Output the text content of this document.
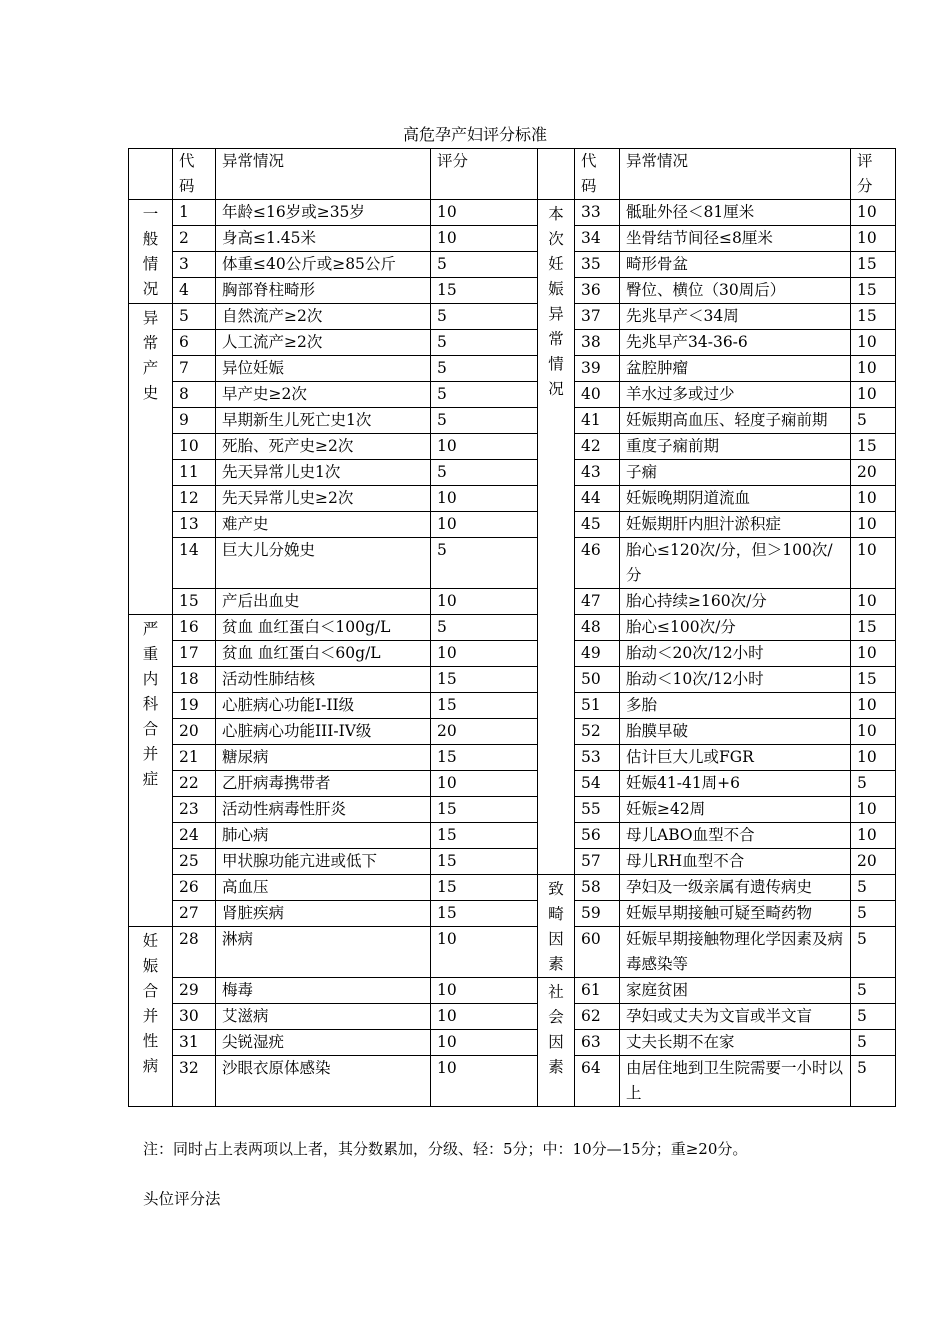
高危孕产妇评分标准
	代码	异常情况	评分		代码	异常情况	评分
一般情况	1	年龄≤16岁或≥35岁	10	本次妊娠异常情况	33	骶耻外径＜81厘米	10
	2	身高≤1.45米	10		34	坐骨结节间径≤8厘米	10
	3	体重≤40公斤或≥85公斤	5		35	畸形骨盆	15
	4	胸部脊柱畸形	15		36	臀位、横位（30周后）	15
异常产史	5	自然流产≥2次	5		37	先兆早产＜34周	15
	6	人工流产≥2次	5		38	先兆早产34-36-6	10
	7	异位妊娠	5		39	盆腔肿瘤	10
	8	早产史≥2次	5		40	羊水过多或过少	10
	9	早期新生儿死亡史1次	5		41	妊娠期高血压、轻度子痫前期	5
	10	死胎、死产史≥2次	10		42	重度子痫前期	15
	11	先天异常儿史1次	5		43	子痫	20
	12	先天异常儿史≥2次	10		44	妊娠晚期阴道流血	10
	13	难产史	10		45	妊娠期肝内胆汁淤积症	10
	14	巨大儿分娩史	5		46	胎心≤120次/分，但＞100次/分	10
	15	产后出血史	10		47	胎心持续≥160次/分	10
严重内科合并症	16	贫血 血红蛋白＜100g/L	5		48	胎心≤100次/分	15
	17	贫血 血红蛋白＜60g/L	10		49	胎动＜20次/12小时	10
	18	活动性肺结核	15		50	胎动＜10次/12小时	15
	19	心脏病心功能I-II级	15		51	多胎	10
	20	心脏病心功能III-IV级	20		52	胎膜早破	10
	21	糖尿病	15		53	估计巨大儿或FGR	10
	22	乙肝病毒携带者	10		54	妊娠41-41周+6	5
	23	活动性病毒性肝炎	15		55	妊娠≥42周	10
	24	肺心病	15		56	母儿ABO血型不合	10
	25	甲状腺功能亢进或低下	15		57	母儿RH血型不合	20
	26	高血压	15	致畸因素	58	孕妇及一级亲属有遗传病史	5
	27	肾脏疾病	15		59	妊娠早期接触可疑至畸药物	5
妊娠合并性病	28	淋病	10		60	妊娠早期接触物理化学因素及病毒感染等	5
	29	梅毒	10	社会因素	61	家庭贫困	5
	30	艾滋病	10		62	孕妇或丈夫为文盲或半文盲	5
	31	尖锐湿疣	10		63	丈夫长期不在家	5
	32	沙眼衣原体感染	10		64	由居住地到卫生院需要一小时以上	5
注：同时占上表两项以上者，其分数累加，分级、轻：5分；中：10分—15分；重≥20分。
头位评分法
